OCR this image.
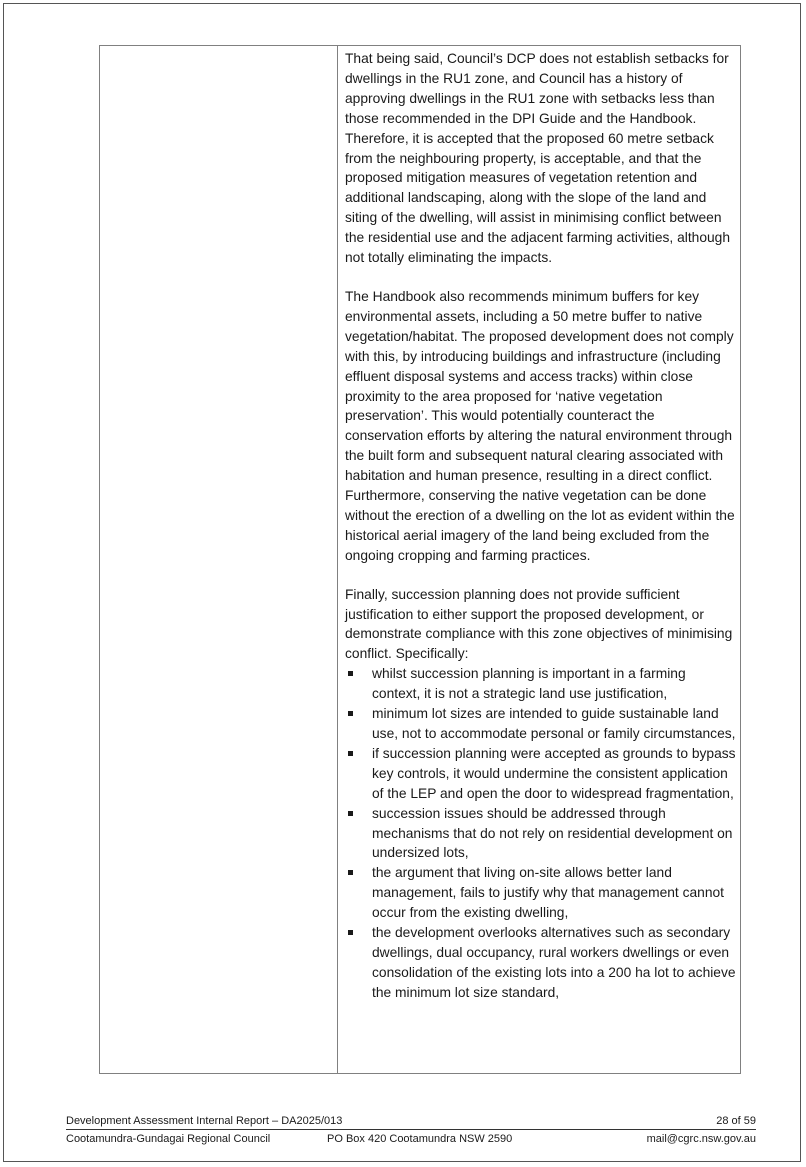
That being said, Council’s DCP does not establish setbacks for dwellings in the RU1 zone, and Council has a history of approving dwellings in the RU1 zone with setbacks less than those recommended in the DPI Guide and the Handbook. Therefore, it is accepted that the proposed 60 metre setback from the neighbouring property, is acceptable, and that the proposed mitigation measures of vegetation retention and additional landscaping, along with the slope of the land and siting of the dwelling, will assist in minimising conflict between the residential use and the adjacent farming activities, although not totally eliminating the impacts.

The Handbook also recommends minimum buffers for key environmental assets, including a 50 metre buffer to native vegetation/habitat. The proposed development does not comply with this, by introducing buildings and infrastructure (including effluent disposal systems and access tracks) within close proximity to the area proposed for ‘native vegetation preservation’. This would potentially counteract the conservation efforts by altering the natural environment through the built form and subsequent natural clearing associated with habitation and human presence, resulting in a direct conflict. Furthermore, conserving the native vegetation can be done without the erection of a dwelling on the lot as evident within the historical aerial imagery of the land being excluded from the ongoing cropping and farming practices.

Finally, succession planning does not provide sufficient justification to either support the proposed development, or demonstrate compliance with this zone objectives of minimising conflict. Specifically:

whilst succession planning is important in a farming context, it is not a strategic land use justification,
minimum lot sizes are intended to guide sustainable land use, not to accommodate personal or family circumstances,
if succession planning were accepted as grounds to bypass key controls, it would undermine the consistent application of the LEP and open the door to widespread fragmentation,
succession issues should be addressed through mechanisms that do not rely on residential development on undersized lots,
the argument that living on-site allows better land management, fails to justify why that management cannot occur from the existing dwelling,
the development overlooks alternatives such as secondary dwellings, dual occupancy, rural workers dwellings or even consolidation of the existing lots into a 200 ha lot to achieve the minimum lot size standard,
Development Assessment Internal Report – DA2025/013	28 of 59
Cootamundra-Gundagai Regional Council	PO Box 420 Cootamundra NSW 2590	mail@cgrc.nsw.gov.au
